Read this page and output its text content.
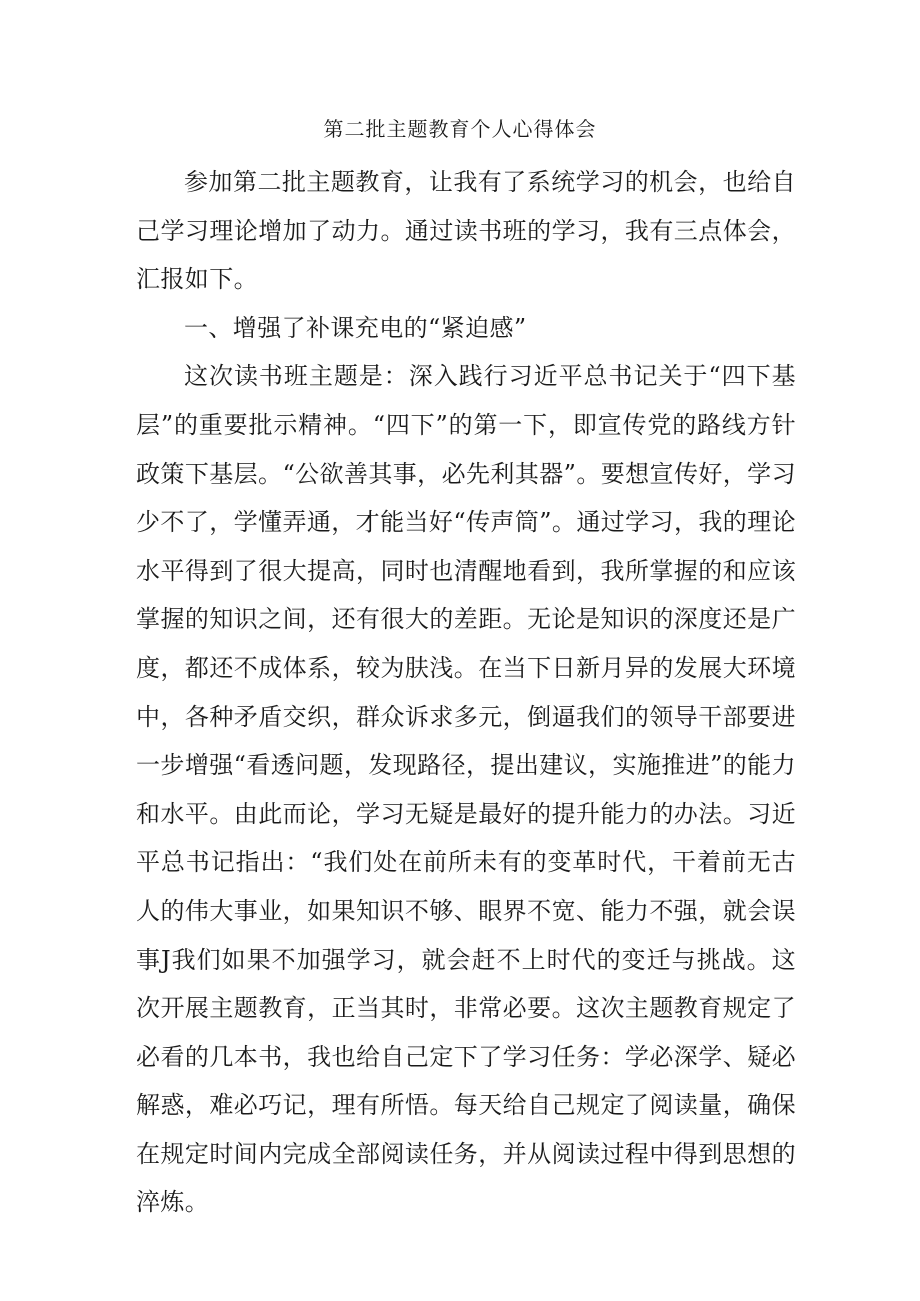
第二批主题教育个人心得体会

参加第二批主题教育，让我有了系统学习的机会，也给自己学习理论增加了动力。通过读书班的学习，我有三点体会，汇报如下。

一、增强了补课充电的“紧迫感”

这次读书班主题是：深入践行习近平总书记关于“四下基层”的重要批示精神。“四下”的第一下，即宣传党的路线方针政策下基层。“公欲善其事，必先利其器”。要想宣传好，学习少不了，学懂弄通，才能当好“传声筒”。通过学习，我的理论水平得到了很大提高，同时也清醒地看到，我所掌握的和应该掌握的知识之间，还有很大的差距。无论是知识的深度还是广度，都还不成体系，较为肤浅。在当下日新月异的发展大环境中，各种矛盾交织，群众诉求多元，倒逼我们的领导干部要进一步增强“看透问题，发现路径，提出建议，实施推进”的能力和水平。由此而论，学习无疑是最好的提升能力的办法。习近平总书记指出：“我们处在前所未有的变革时代，干着前无古人的伟大事业，如果知识不够、眼界不宽、能力不强，就会误事J我们如果不加强学习，就会赶不上时代的变迁与挑战。这次开展主题教育，正当其时，非常必要。这次主题教育规定了必看的几本书，我也给自己定下了学习任务：学必深学、疑必解惑，难必巧记，理有所悟。每天给自己规定了阅读量，确保在规定时间内完成全部阅读任务，并从阅读过程中得到思想的淬炼。
